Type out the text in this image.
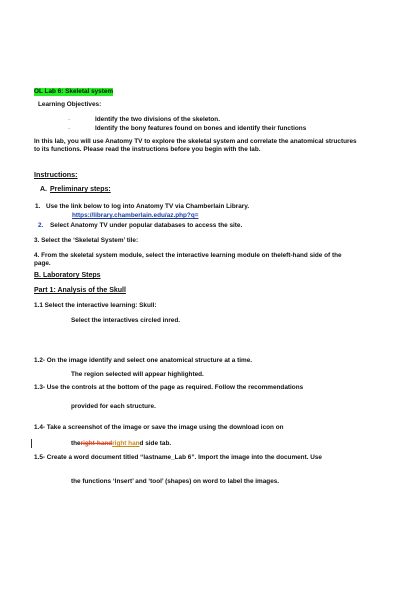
OL Lab 6: Skeletal system
Learning Objectives:
·	Identify the two divisions of the skeleton.
·	Identify the bony features found on bones and identify their functions
In this lab, you will use Anatomy TV to explore the skeletal system and correlate the anatomical structures to its functions. Please read the instructions before you begin with the lab.
Instructions:
A. Preliminary steps:
1. Use the link below to log into Anatomy TV via Chamberlain Library.
https://library.chamberlain.edu/az.php?q=
2. Select Anatomy TV under popular databases to access the site.
3. Select the ‘Skeletal System’ tile:
4. From the skeletal system module, select the interactive learning module on theleft-hand side of the page.
B. Laboratory Steps
Part 1: Analysis of the Skull
1.1 Select the interactive learning: Skull:
Select the interactives circled inred.
1.2- On the image identify and select one anatomical structure at a time.
The region selected will appear highlighted.
1.3- Use the controls at the bottom of the page as required. Follow the recommendations
provided for each structure.
1.4- Take a screenshot of the image or save the image using the download icon on
theright-handright hand side tab.
1.5- Create a word document titled “lastname_Lab 6”. Import the image into the document. Use
the functions ‘Insert’ and ‘tool’ (shapes) on word to label the images.
